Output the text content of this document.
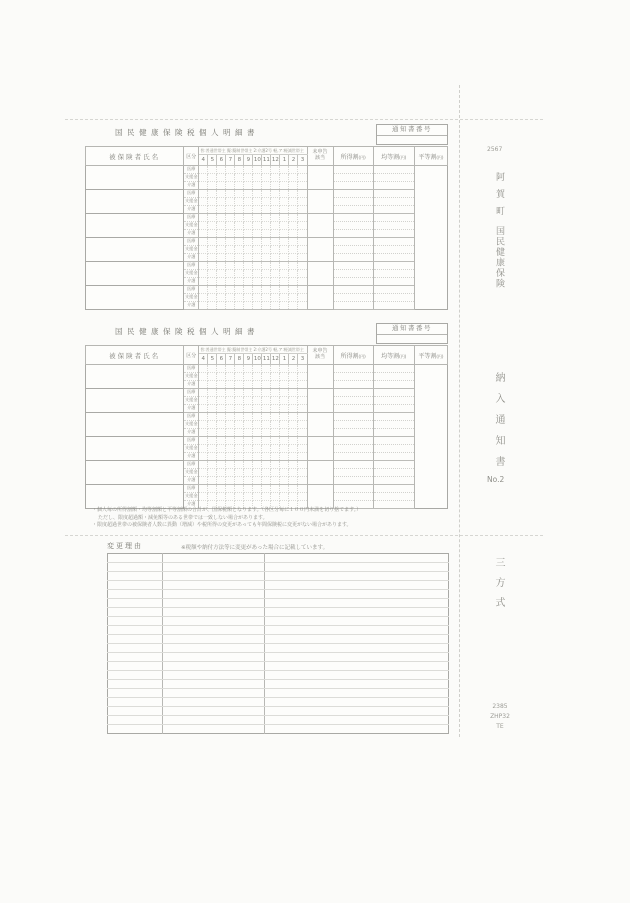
国民健康保険税個人明細書	通知書番号
被保険者氏名	区分	普:普通世帯主 擬:擬制世帯主 2:介護2号 軽,ア:軽減世帯主												未申告
該当	所得割(円)	均等割(円)	平等割(円)
		4	5	6	7	8	9	10	11	12	1	2	3				
	医療																
	支援金																
	介護																
	医療																
	支援金																
	介護																
	医療																
	支援金																
	介護																
	医療																
	支援金																
	介護																
	医療																
	支援金																
	介護																
	医療																
	支援金																
	介護																
国民健康保険税個人明細書	通知書番号
被保険者氏名	区分	普:普通世帯主 擬:擬制世帯主 2:介護2号 軽,ア:軽減世帯主												未申告
該当	所得割(円)	均等割(円)	平等割(円)
		4	5	6	7	8	9	10	11	12	1	2	3				
	医療																
	支援金																
	介護																
	医療																
	支援金																
	介護																
	医療																
	支援金																
	介護																
	医療																
	支援金																
	介護																
	医療																
	支援金																
	介護																
	医療																
	支援金																
	介護																
・個人毎の所得割額・均等割額と平等割額の合計が、国保税額となります。（各区分毎に１００円未満を切り捨てます。）
ただし、限度超過額・減免額等のある世帯では一致しない場合があります。
・限度超過世帯の被保険者人数に異動（増減）や税所得の変更があっても年間保険税に変更がない場合があります。
変更理由	※税額や納付方法等に変更があった場合に記載しています。

2567
阿賀町
国民健康保険
納入通知書
No.2
三方式
2385
ZHP32
TE
